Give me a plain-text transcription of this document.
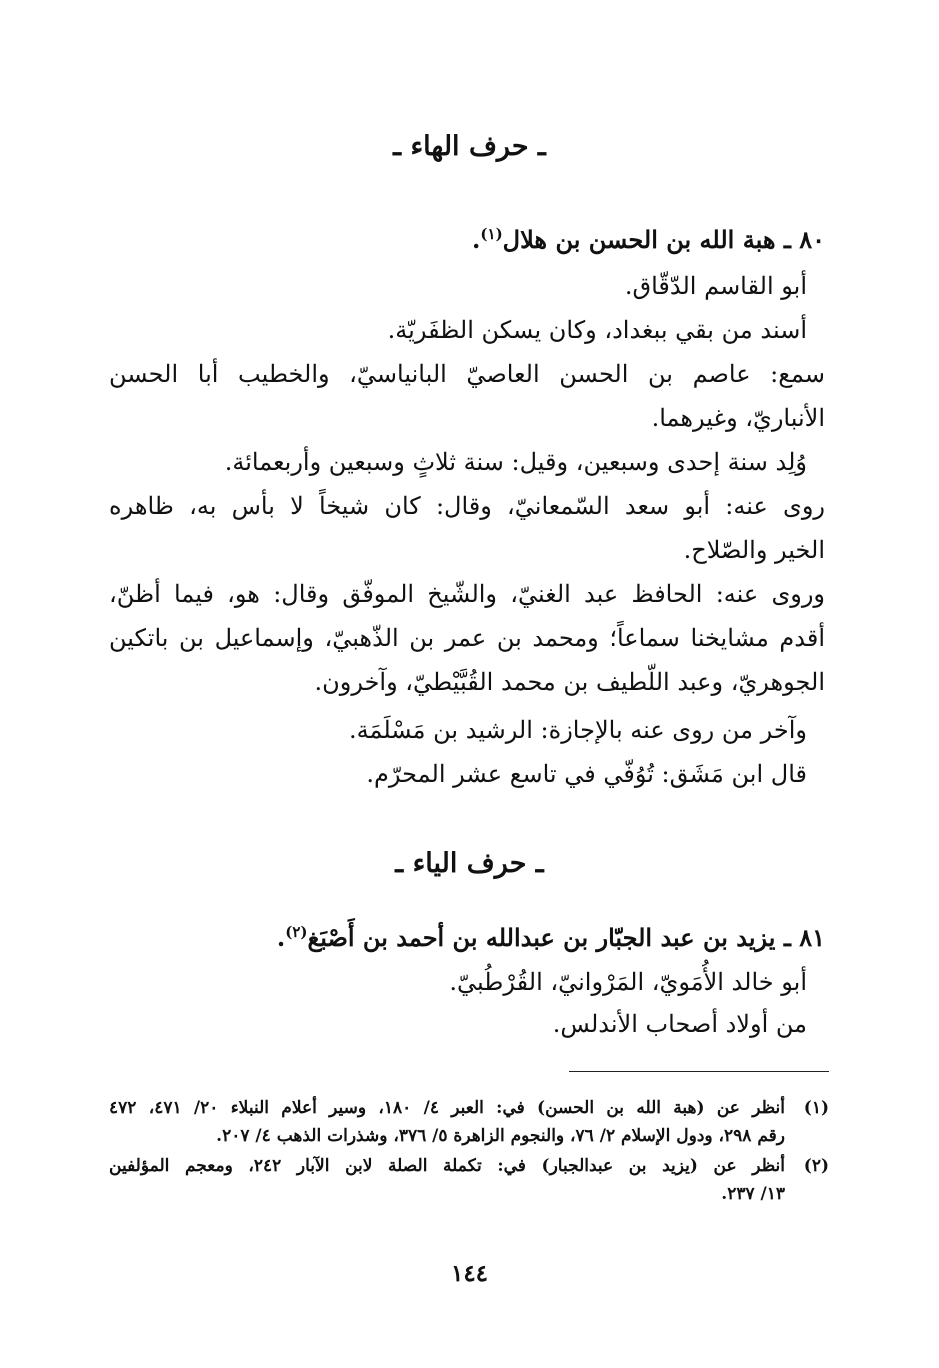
ـ حرف الهاء ـ
٨٠ ـ هبة الله بن الحسن بن هلال$^{(١)}$.
أبو القاسم الدّقّاق.
أسند من بقي ببغداد، وكان يسكن الظفَريّة.
سمع: عاصم بن الحسن العاصيّ البانياسيّ، والخطيب أبا الحسن
الأنباريّ، وغيرهما.
وُلِد سنة إحدى وسبعين، وقيل: سنة ثلاثٍ وسبعين وأربعمائة.
روى عنه: أبو سعد السّمعانيّ، وقال: كان شيخاً لا بأس به، ظاهره
الخير والصّلاح.
وروى عنه: الحافظ عبد الغنيّ، والشّيخ الموفّق وقال: هو، فيما أظنّ،
أقدم مشايخنا سماعاً؛ ومحمد بن عمر بن الذّهبيّ، وإسماعيل بن باتكين
الجوهريّ، وعبد اللّطيف بن محمد القُبَّيْطيّ، وآخرون.
وآخر من روى عنه بالإجازة: الرشيد بن مَسْلَمَة.
قال ابن مَشَق: تُوُفّي في تاسع عشر المحرّم.
ـ حرف الياء ـ
٨١ ـ يزيد بن عبد الجبّار بن عبدالله بن أحمد بن أَصْبَغ$^{(٢)}$.
أبو خالد الأُمَويّ، المَرْوانيّ، القُرْطُبيّ.
من أولاد أصحاب الأندلس.
(١)
أنظر عن (هبة الله بن الحسن) في: العبر ٤/ ١٨٠، وسير أعلام النبلاء ٢٠/ ٤٧١، ٤٧٢
رقم ٢٩٨، ودول الإسلام ٢/ ٧٦، والنجوم الزاهرة ٥/ ٣٧٦، وشذرات الذهب ٤/ ٢٠٧.
(٢)
أنظر عن (يزيد بن عبدالجبار) في: تكملة الصلة لابن الآبار ٢٤٢، ومعجم المؤلفين
١٣/ ٢٣٧.
١٤٤
